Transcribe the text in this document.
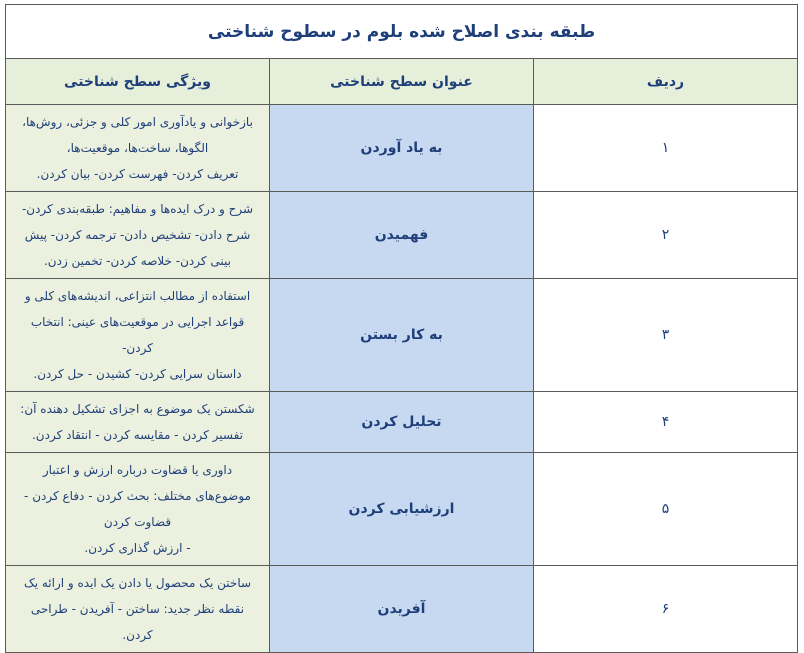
طبقه بندی اصلاح شده بلوم در سطوح شناختی		
ردیف	عنوان سطح شناختی	ویژگی سطح شناختی
۱	به یاد آوردن	بازخوانی و یادآوری امور کلی و جزئی، روش‌ها، الگوها، ساخت‌ها، موقعیت‌ها،
تعریف کردن- فهرست کردن- بیان کردن.

۲	فهمیدن	شرح و درک ایده‌ها و مفاهیم: طبقه‌بندی کردن- شرح دادن- تشخیص دادن- ترجمه کردن- پیش
بینی کردن- خلاصه کردن- تخمین زدن.

۳	به کار بستن	استفاده از مطالب انتزاعی، اندیشه‌های کلی و قواعد اجرایی در موقعیت‌های عینی: انتخاب کردن-
داستان سرایی کردن- کشیدن - حل کردن.

۴	تحلیل کردن	شکستن یک موضوع به اجزای تشکیل دهنده آن: تفسیر کردن - مقایسه کردن - انتقاد کردن.

۵	ارزشیابی کردن	داوری یا قضاوت درباره ارزش و اعتبار موضوع‌های مختلف: بحث کردن - دفاع کردن - قضاوت کردن
- ارزش گذاری کردن.

۶	آفریدن	ساختن یک محصول یا دادن یک ایده و ارائه یک نقطه نظر جدید: ساختن - آفریدن - طراحی کردن.
